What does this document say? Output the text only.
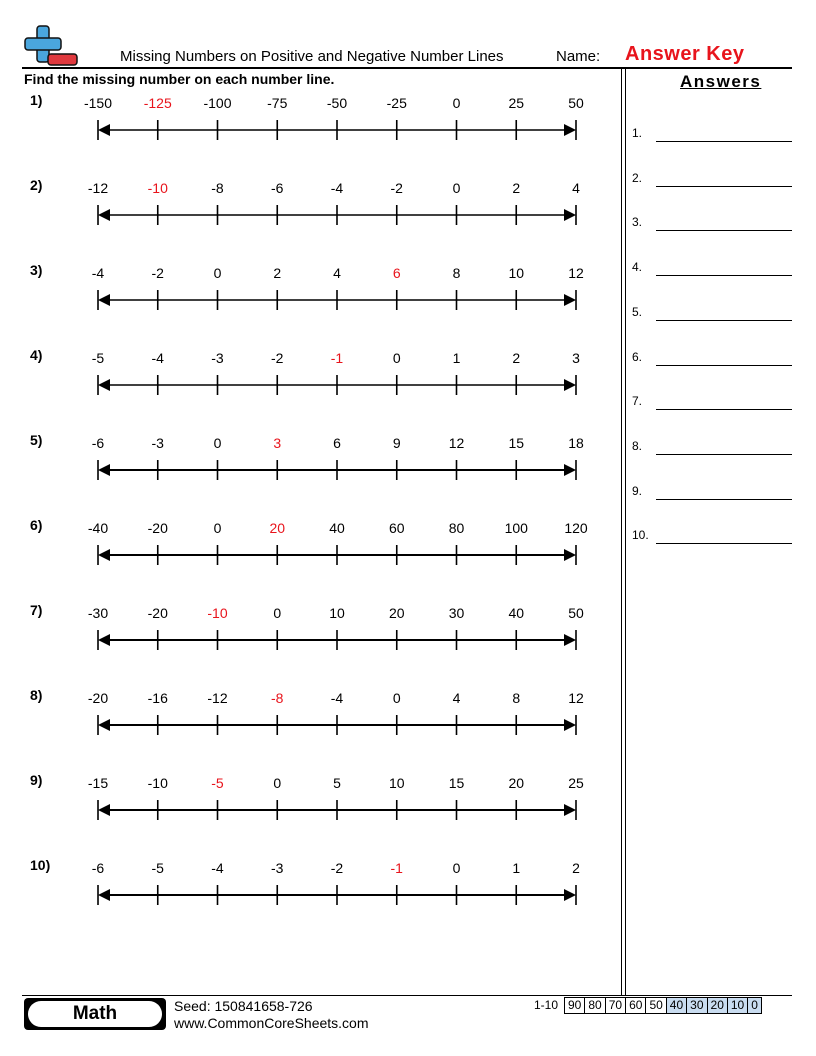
Missing Numbers on Positive and Negative Number Lines	Name: Answer Key
Find the missing number on each number line.	Answers
1.
2.
3.
4.
5.
6.
7.
8.
9.
10.
1)	-150 -125 -100	-75	-50	-25	0	25	50
2)	-12	-10	-8	-6	-4	-2	0	2	4
3)	-4	-2	0	2	4	6	8	10	12
4)	-5	-4	-3	-2	-1	0	1	2	3
5)	-6	-3	0	3	6	9	12	15	18
6)	-40	-20	0	20	40	60	80	100	120
7)	-30	-20	-10	0	10	20	30	40	50
8)	-20	-16	-12	-8	-4	0	4	8	12
9)	-15	-10	-5	0	5	10	15	20	25
10)	-6	-5	-4	-3	-2	-1	0	1	2
Math	Seed: 150841658-726
www.CommonCoreSheets.com
1-10 90	80	70	60	50	40	30	20	10	0
